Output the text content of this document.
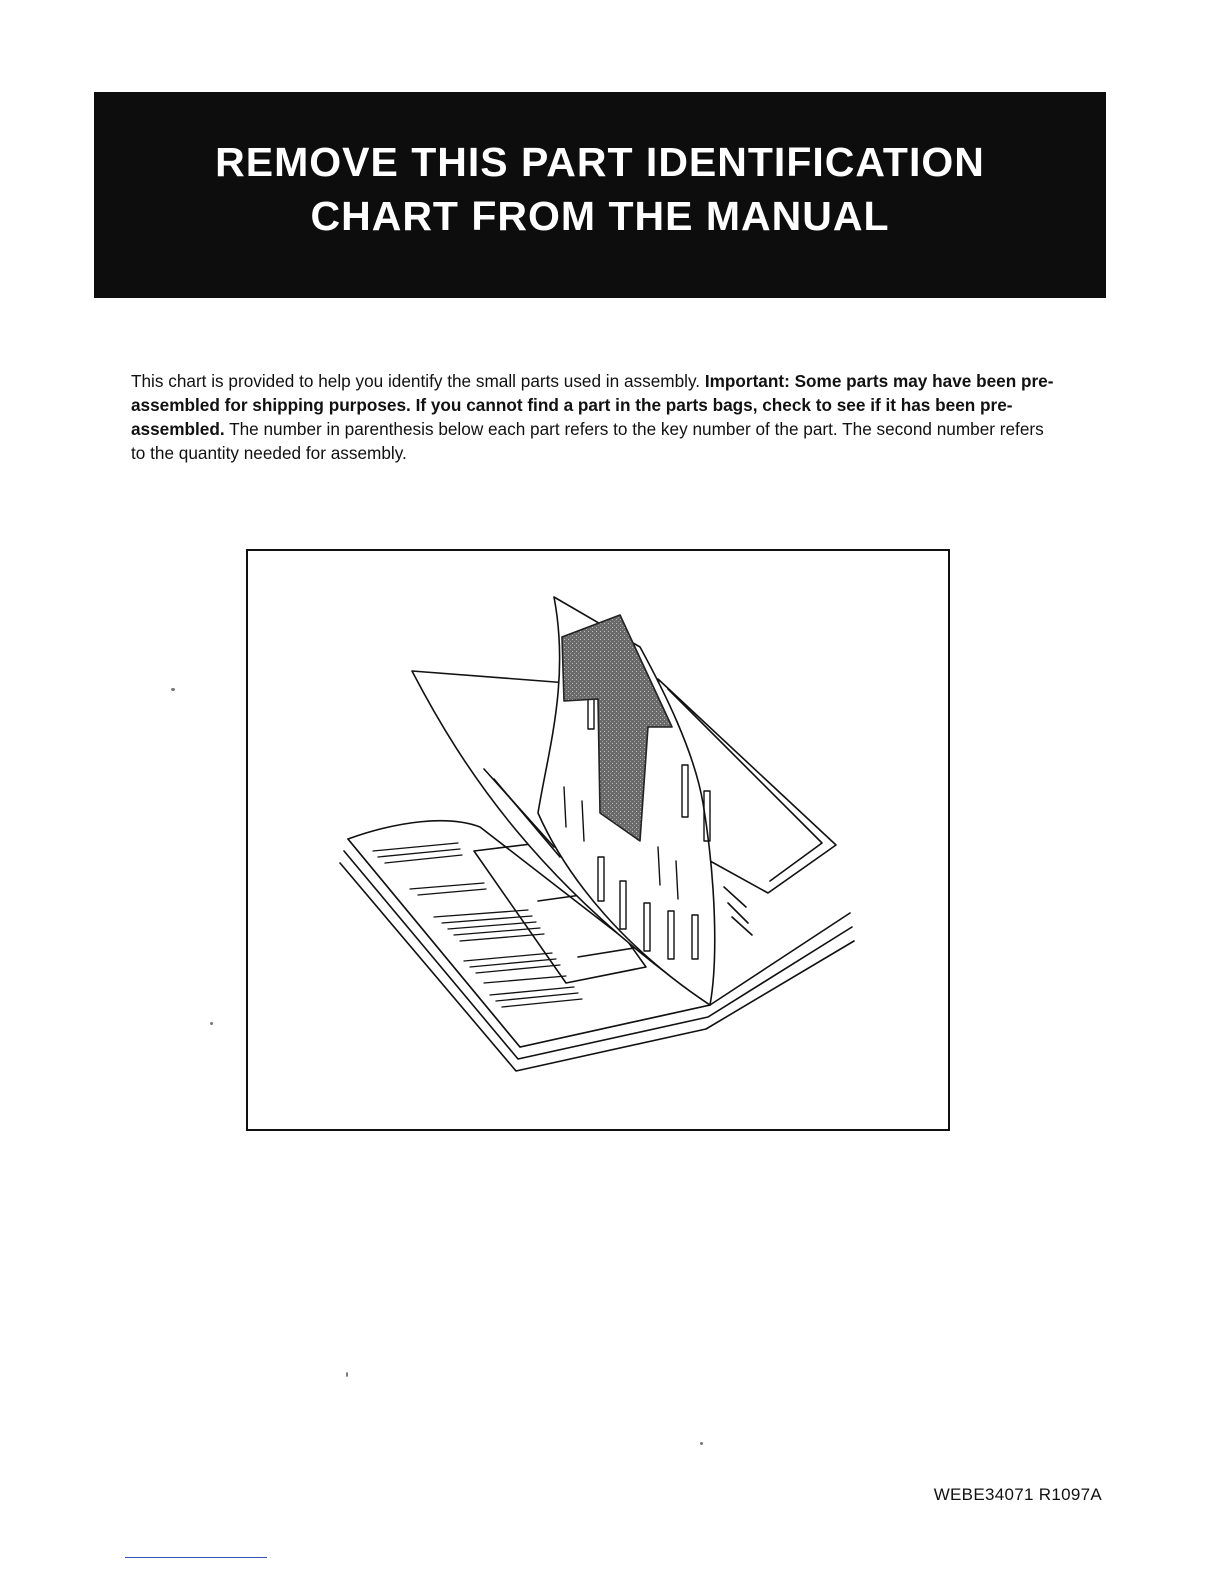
REMOVE THIS PART IDENTIFICATION
CHART FROM THE MANUAL

This chart is provided to help you identify the small parts used in assembly. Important: Some parts may have been pre-assembled for shipping purposes. If you cannot find a part in the parts bags, check to see if it has been pre-assembled. The number in parenthesis below each part refers to the key number of the part. The second number refers to the quantity needed for assembly.

WEBE34071 R1097A
